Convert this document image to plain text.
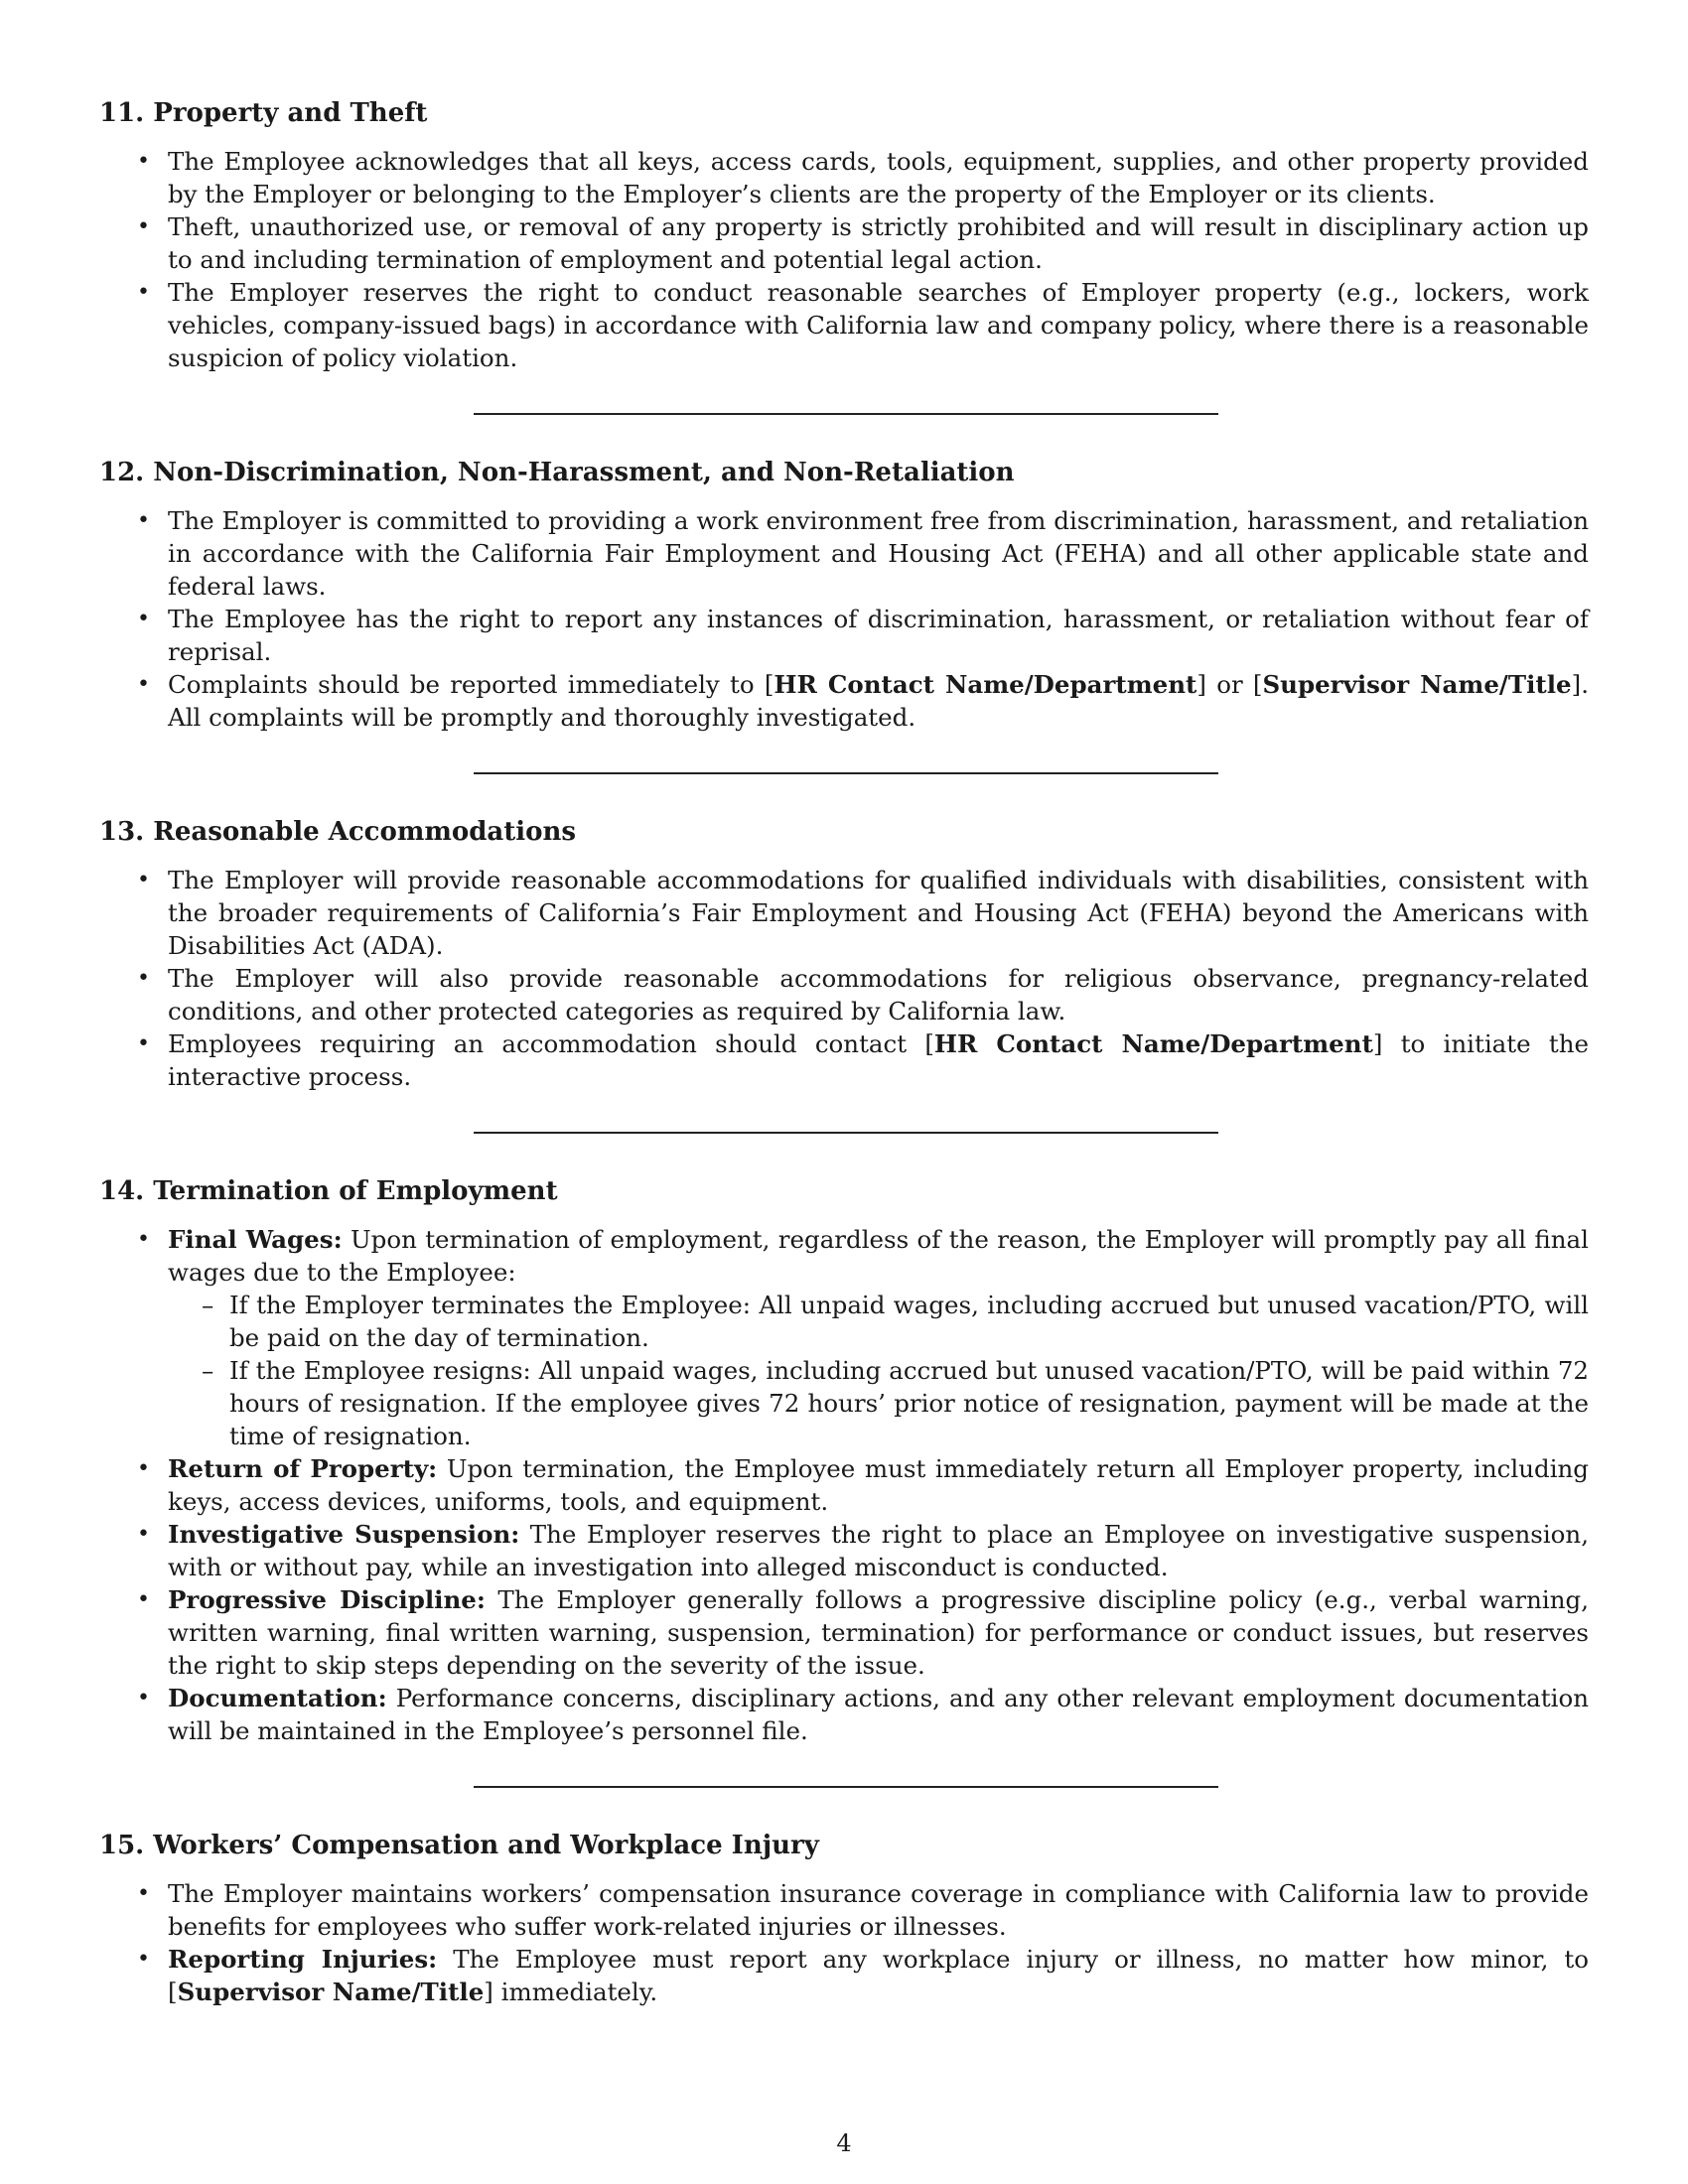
11. Property and Theft
• The Employee acknowledges that all keys, access cards, tools, equipment, supplies, and other property provided by the Employer or belonging to the Employer’s clients are the property of the Employer or its clients.
• Theft, unauthorized use, or removal of any property is strictly prohibited and will result in disciplinary action up to and including termination of employment and potential legal action.
• The Employer reserves the right to conduct reasonable searches of Employer property (e.g., lockers, work vehicles, company-issued bags) in accordance with California law and company policy, where there is a reasonable suspicion of policy violation.
12. Non-Discrimination, Non-Harassment, and Non-Retaliation
• The Employer is committed to providing a work environment free from discrimination, harassment, and retaliation in accordance with the California Fair Employment and Housing Act (FEHA) and all other applicable state and federal laws.
• The Employee has the right to report any instances of discrimination, harassment, or retaliation without fear of reprisal.
• Complaints should be reported immediately to [HR Contact Name/Department] or [Supervisor Name/Title]. All complaints will be promptly and thoroughly investigated.
13. Reasonable Accommodations
• The Employer will provide reasonable accommodations for qualified individuals with disabilities, consistent with the broader requirements of California’s Fair Employment and Housing Act (FEHA) beyond the Americans with Disabilities Act (ADA).
• The Employer will also provide reasonable accommodations for religious observance, pregnancy-related conditions, and other protected categories as required by California law.
• Employees requiring an accommodation should contact [HR Contact Name/Department] to initiate the interactive process.
14. Termination of Employment
• Final Wages: Upon termination of employment, regardless of the reason, the Employer will promptly pay all final wages due to the Employee:
– If the Employer terminates the Employee: All unpaid wages, including accrued but unused vacation/PTO, will be paid on the day of termination.
– If the Employee resigns: All unpaid wages, including accrued but unused vacation/PTO, will be paid within 72 hours of resignation. If the employee gives 72 hours’ prior notice of resignation, payment will be made at the time of resignation.
• Return of Property: Upon termination, the Employee must immediately return all Employer property, including keys, access devices, uniforms, tools, and equipment.
• Investigative Suspension: The Employer reserves the right to place an Employee on investigative suspension, with or without pay, while an investigation into alleged misconduct is conducted.
• Progressive Discipline: The Employer generally follows a progressive discipline policy (e.g., verbal warning, written warning, final written warning, suspension, termination) for performance or conduct issues, but reserves the right to skip steps depending on the severity of the issue.
• Documentation: Performance concerns, disciplinary actions, and any other relevant employment documentation will be maintained in the Employee’s personnel file.
15. Workers’ Compensation and Workplace Injury
• The Employer maintains workers’ compensation insurance coverage in compliance with California law to provide benefits for employees who suffer work-related injuries or illnesses.
• Reporting Injuries: The Employee must report any workplace injury or illness, no matter how minor, to [Supervisor Name/Title] immediately.
4
